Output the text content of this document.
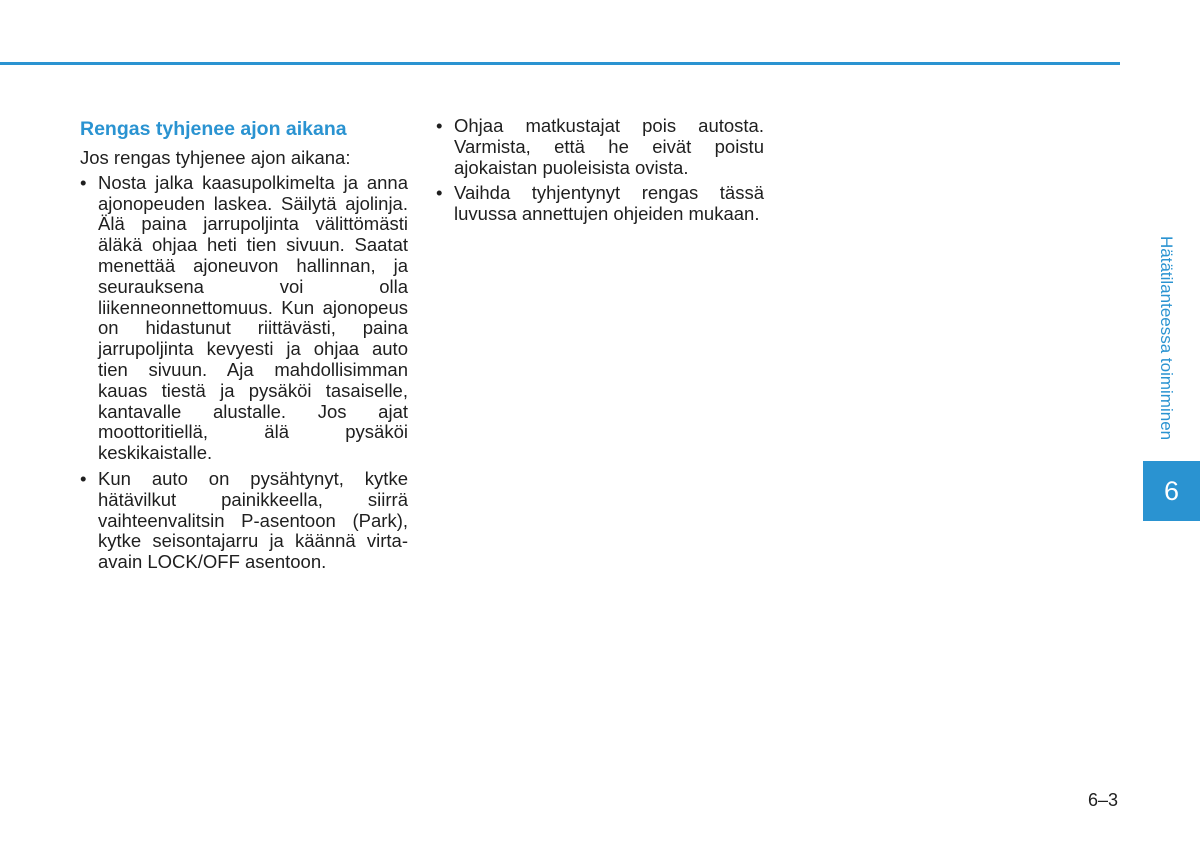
Rengas tyhjenee ajon aikana

Jos rengas tyhjenee ajon aikana:

• Nosta jalka kaasupolkimelta ja anna ajonopeuden laskea. Säilytä ajolinja. Älä paina jarrupoljinta välittömästi äläkä ohjaa heti tien sivuun. Saatat menettää ajoneuvon hallinnan, ja seurauksena voi olla liikenneonnettomuus. Kun ajonopeus on hidastunut riittävästi, paina jarrupoljinta kevyesti ja ohjaa auto tien sivuun. Aja mahdollisimman kauas tiestä ja pysäköi tasaiselle, kantavalle alustalle. Jos ajat moottoritiellä, älä pysäköi keskikaistalle.
• Kun auto on pysähtynyt, kytke hätävilkut painikkeella, siirrä vaihteenvalitsin P-asentoon (Park), kytke seisontajarru ja käännä virta-avain LOCK/OFF asentoon.
• Ohjaa matkustajat pois autosta. Varmista, että he eivät poistu ajokaistan puoleisista ovista.
• Vaihda tyhjentynyt rengas tässä luvussa annettujen ohjeiden mukaan.
Hätätilanteessa toimiminen
6
6–3
